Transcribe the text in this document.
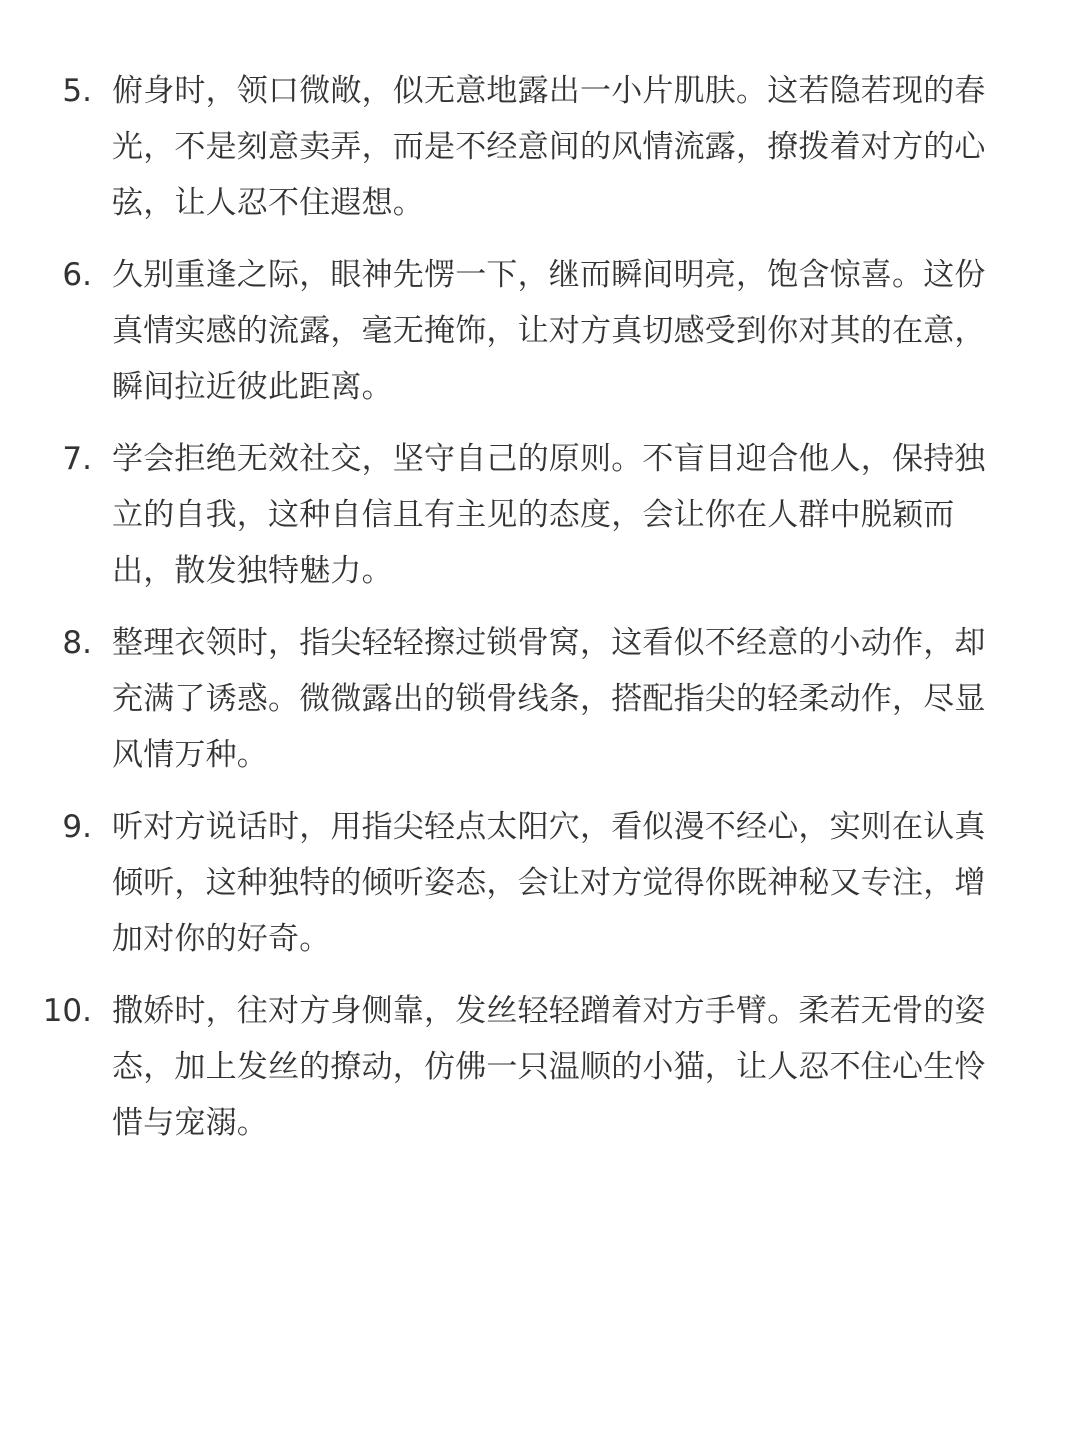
5. 俯身时，领口微敞，似无意地露出一小片肌肤。这若隐若现的春光，不是刻意卖弄，而是不经意间的风情流露，撩拨着对方的心弦，让人忍不住遐想。
6. 久别重逢之际，眼神先愣一下，继而瞬间明亮，饱含惊喜。这份真情实感的流露，毫无掩饰，让对方真切感受到你对其的在意，瞬间拉近彼此距离。
7. 学会拒绝无效社交，坚守自己的原则。不盲目迎合他人，保持独立的自我，这种自信且有主见的态度，会让你在人群中脱颖而出，散发独特魅力。
8. 整理衣领时，指尖轻轻擦过锁骨窝，这看似不经意的小动作，却充满了诱惑。微微露出的锁骨线条，搭配指尖的轻柔动作，尽显风情万种。
9. 听对方说话时，用指尖轻点太阳穴，看似漫不经心，实则在认真倾听，这种独特的倾听姿态，会让对方觉得你既神秘又专注，增加对你的好奇。
10. 撒娇时，往对方身侧靠，发丝轻轻蹭着对方手臂。柔若无骨的姿态，加上发丝的撩动，仿佛一只温顺的小猫，让人忍不住心生怜惜与宠溺。
